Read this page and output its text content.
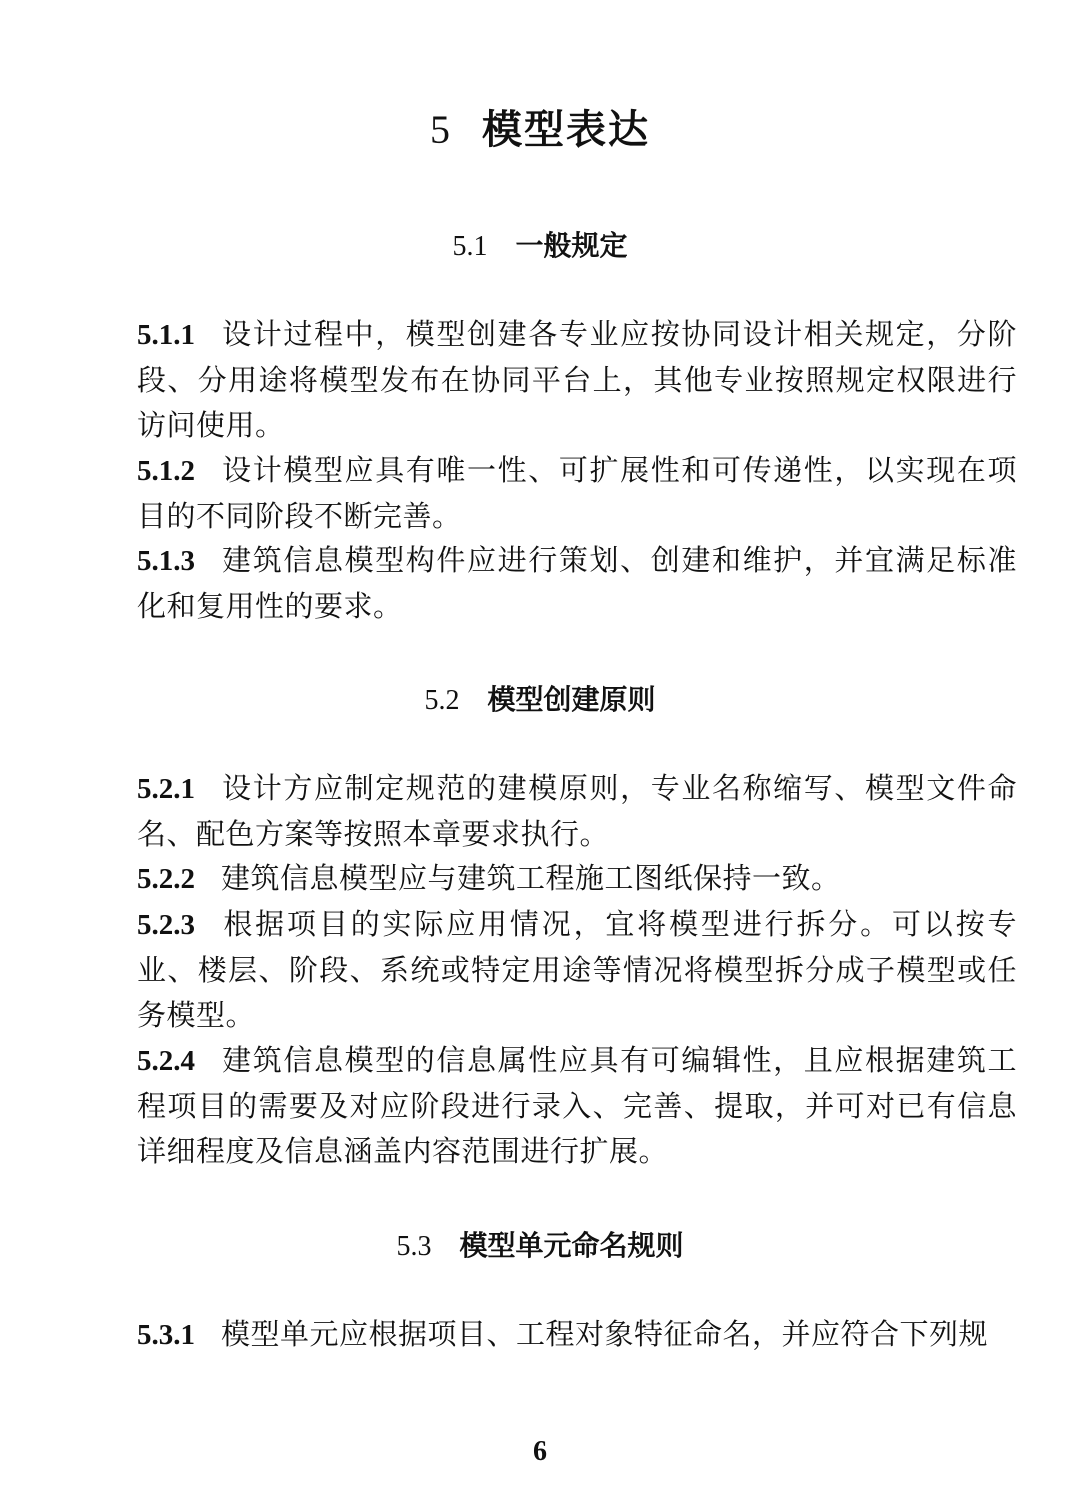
5 模型表达
5.1 一般规定
5.1.1 设计过程中，模型创建各专业应按协同设计相关规定，分阶段、分用途将模型发布在协同平台上，其他专业按照规定权限进行访问使用。
5.1.2 设计模型应具有唯一性、可扩展性和可传递性，以实现在项目的不同阶段不断完善。
5.1.3 建筑信息模型构件应进行策划、创建和维护，并宜满足标准化和复用性的要求。
5.2 模型创建原则
5.2.1 设计方应制定规范的建模原则，专业名称缩写、模型文件命名、配色方案等按照本章要求执行。
5.2.2 建筑信息模型应与建筑工程施工图纸保持一致。
5.2.3 根据项目的实际应用情况，宜将模型进行拆分。可以按专业、楼层、阶段、系统或特定用途等情况将模型拆分成子模型或任务模型。
5.2.4 建筑信息模型的信息属性应具有可编辑性，且应根据建筑工程项目的需要及对应阶段进行录入、完善、提取，并可对已有信息详细程度及信息涵盖内容范围进行扩展。
5.3 模型单元命名规则
5.3.1 模型单元应根据项目、工程对象特征命名，并应符合下列规
6
